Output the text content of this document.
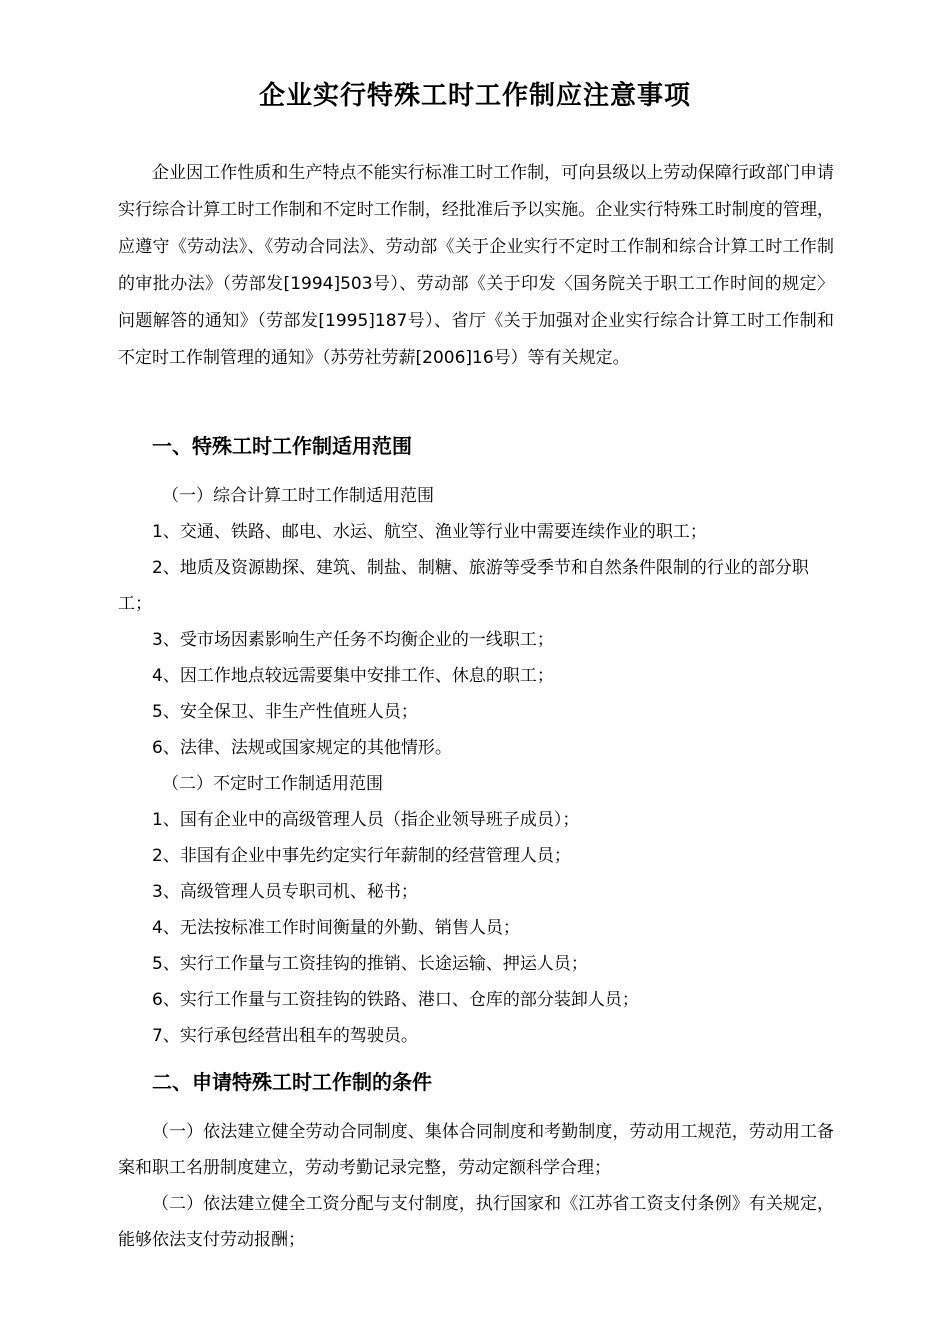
企业实行特殊工时工作制应注意事项

企业因工作性质和生产特点不能实行标准工时工作制，可向县级以上劳动保障行政部门申请实行综合计算工时工作制和不定时工作制，经批准后予以实施。企业实行特殊工时制度的管理，应遵守《劳动法》、《劳动合同法》、劳动部《关于企业实行不定时工作制和综合计算工时工作制的审批办法》（劳部发[1994]503号）、劳动部《关于印发〈国务院关于职工工作时间的规定〉问题解答的通知》（劳部发[1995]187号）、省厅《关于加强对企业实行综合计算工时工作制和不定时工作制管理的通知》（苏劳社劳薪[2006]16号）等有关规定。

一、特殊工时工作制适用范围

（一）综合计算工时工作制适用范围

1、交通、铁路、邮电、水运、航空、渔业等行业中需要连续作业的职工；

2、地质及资源勘探、建筑、制盐、制糖、旅游等受季节和自然条件限制的行业的部分职工；

3、受市场因素影响生产任务不均衡企业的一线职工；

4、因工作地点较远需要集中安排工作、休息的职工；

5、安全保卫、非生产性值班人员；

6、法律、法规或国家规定的其他情形。

（二）不定时工作制适用范围

1、国有企业中的高级管理人员（指企业领导班子成员）；

2、非国有企业中事先约定实行年薪制的经营管理人员；

3、高级管理人员专职司机、秘书；

4、无法按标准工作时间衡量的外勤、销售人员；

5、实行工作量与工资挂钩的推销、长途运输、押运人员；

6、实行工作量与工资挂钩的铁路、港口、仓库的部分装卸人员；

7、实行承包经营出租车的驾驶员。

二、申请特殊工时工作制的条件

（一）依法建立健全劳动合同制度、集体合同制度和考勤制度，劳动用工规范，劳动用工备案和职工名册制度建立，劳动考勤记录完整，劳动定额科学合理；

（二）依法建立健全工资分配与支付制度，执行国家和《江苏省工资支付条例》有关规定，能够依法支付劳动报酬；
